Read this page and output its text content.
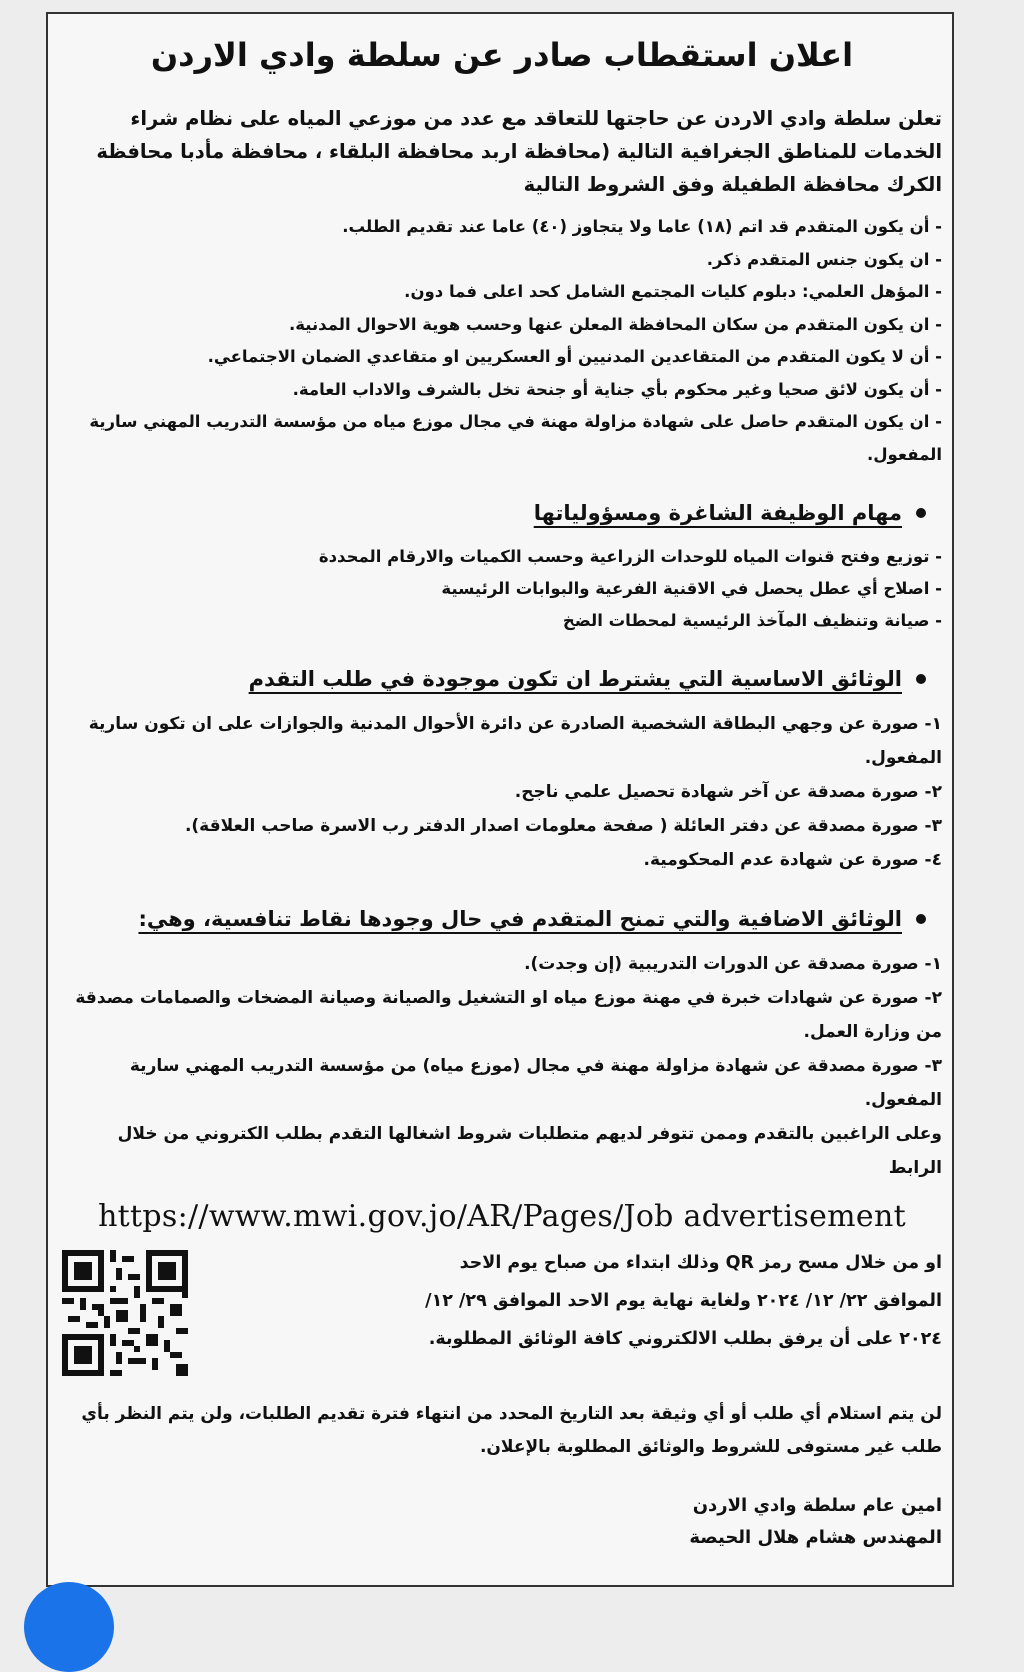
اعلان استقطاب صادر عن سلطة وادي الاردن
تعلن سلطة وادي الاردن عن حاجتها للتعاقد مع عدد من موزعي المياه على نظام شراء الخدمات للمناطق الجغرافية التالية (محافظة اربد محافظة البلقاء ، محافظة مأدبا محافظة الكرك محافظة الطفيلة وفق الشروط التالية

- أن يكون المتقدم قد اتم (١٨) عاما ولا يتجاوز (٤٠) عاما عند تقديم الطلب.

- ان يكون جنس المتقدم ذكر.

- المؤهل العلمي: دبلوم كليات المجتمع الشامل كحد اعلى فما دون.

- ان يكون المتقدم من سكان المحافظة المعلن عنها وحسب هوية الاحوال المدنية.

- أن لا يكون المتقدم من المتقاعدين المدنيين أو العسكريين او متقاعدي الضمان الاجتماعي.

- أن يكون لائق صحيا وغير محكوم بأي جناية أو جنحة تخل بالشرف والاداب العامة.

- ان يكون المتقدم حاصل على شهادة مزاولة مهنة في مجال موزع مياه من مؤسسة التدريب المهني سارية المفعول.

مهام الوظيفة الشاغرة ومسؤولياتها

- توزيع وفتح قنوات المياه للوحدات الزراعية وحسب الكميات والارقام المحددة

- اصلاح أي عطل يحصل في الاقنية الفرعية والبوابات الرئيسية

- صيانة وتنظيف المآخذ الرئيسية لمحطات الضخ

الوثائق الاساسية التي يشترط ان تكون موجودة في طلب التقدم

١- صورة عن وجهي البطاقة الشخصية الصادرة عن دائرة الأحوال المدنية والجوازات على ان تكون سارية المفعول.

٢- صورة مصدقة عن آخر شهادة تحصيل علمي ناجح.

٣- صورة مصدقة عن دفتر العائلة ( صفحة معلومات اصدار الدفتر رب الاسرة صاحب العلاقة).

٤- صورة عن شهادة عدم المحكومية.

الوثائق الاضافية والتي تمنح المتقدم في حال وجودها نقاط تنافسية، وهي:

١- صورة مصدقة عن الدورات التدريبية (إن وجدت).

٢- صورة عن شهادات خبرة في مهنة موزع مياه او التشغيل والصيانة وصيانة المضخات والصمامات مصدقة من وزارة العمل.

٣- صورة مصدقة عن شهادة مزاولة مهنة في مجال (موزع مياه) من مؤسسة التدريب المهني سارية المفعول.

وعلى الراغبين بالتقدم وممن تتوفر لديهم متطلبات شروط اشغالها التقدم بطلب الكتروني من خلال الرابط

https://www.mwi.gov.jo/AR/Pages/Job advertisement

او من خلال مسح رمز QR وذلك ابتداء من صباح يوم الاحد

الموافق ٢٢/ ١٢/ ٢٠٢٤ ولغاية نهاية يوم الاحد الموافق ٢٩/ ١٢/

٢٠٢٤ على أن يرفق بطلب الالكتروني كافة الوثائق المطلوبة.

لن يتم استلام أي طلب أو أي وثيقة بعد التاريخ المحدد من انتهاء فترة تقديم الطلبات، ولن يتم النظر بأي طلب غير مستوفى للشروط والوثائق المطلوبة بالإعلان.

امين عام سلطة وادي الاردن

المهندس هشام هلال الحيصة
